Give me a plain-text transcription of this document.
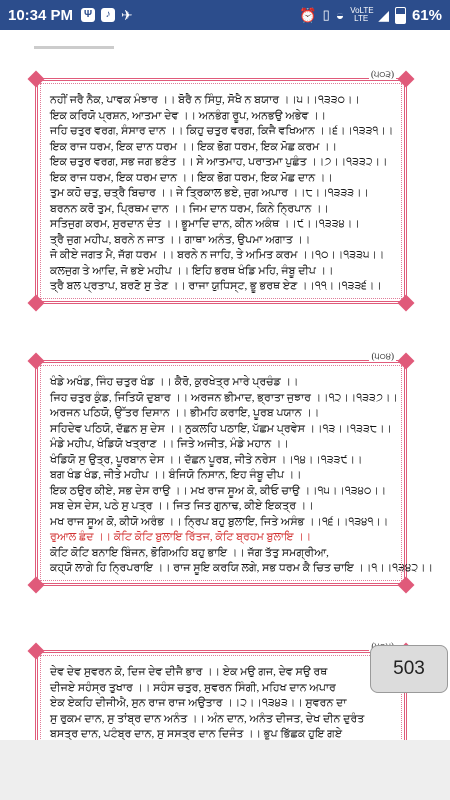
10:34 PM Ψ	♪ ✈	⏰ ▯ ◒ VoLTE LTE ◢ 61%
(੫੦੩)
ਨਹੀਂ ਜਰੈ ਨੈਕ, ਪਾਵਕ ਮੰਝਾਰ ।। ਬੋਰੈ ਨ ਸਿੰਧੁ, ਸੋਖੈ ਨ ਬਯਾਰ ।।੫।।੧੩੩੦।।
ਇਕ ਕਰਿਯੋ ਪ੍ਰਸ਼ਨ, ਆਤਮਾ ਦੇਵ ।। ਅਨਭੰਗ ਰੂਪ, ਅਨਭਉ ਅਭੇਵ ।।
ਜਹਿ ਚਤੁਰ ਵਰਗ, ਸੰਸਾਰ ਦਾਨ ।। ਕਿਹੁ ਚਤੁਰ ਵਰਗ, ਕਿਜੈ ਵਖਿਆਨ ।।੬।।੧੩੩੧।।
ਇਕ ਰਾਜ ਧਰਮ, ਇਕ ਦਾਨ ਧਰਮ ।। ਇਕ ਭੋਗ ਧਰਮ, ਇਕ ਮੋਛ ਕਰਮ ।।
ਇਕ ਚਤੁਰ ਵਰਗ, ਸਭ ਜਗ ਭਣੰਤ ।। ਸੇ ਆਤਮਾਹ, ਪਰਾਤਮਾ ਪੁਛੰਤ ।।੭।।੧੩੩੨।।
ਇਕ ਰਾਜ ਧਰਮ, ਇਕ ਧਰਮ ਦਾਨ ।। ਇਕ ਭੋਗ ਧਰਮ, ਇਕ ਮੋਛ ਦਾਨ ।।
ਤੁਮ ਕਹੋ ਚਤੁ, ਚਤ੍ਰੈ ਬਿਚਾਰ ।। ਜੇ ਤ੍ਰਿਕਾਲ ਭਏ, ਜੁਗ ਅਪਾਰ ।।੮।।੧੩੩੩।।
ਬਰਨਨ ਕਰੋ ਤੁਮ, ਪ੍ਰਿਥਮ ਦਾਨ ।। ਜਿਮ ਦਾਨ ਧਰਮ, ਕਿਨੇ ਨ੍ਰਿਪਾਨ ।।
ਸਤਿਜੁਗ ਕਰਮ, ਸੁਰਦਾਨ ਦੰਤ ।। ਭੂਮਾਦਿ ਦਾਨ, ਕੀਨ ਅਕੰਥ ।।੯।।੧੩੩੪।।
ਤ੍ਰੈ ਜੁਗ ਮਹੀਪ, ਬਰਨੇ ਨ ਜਾਤ ।। ਗਾਥਾ ਅਨੰਤ, ਉਪਮਾ ਅਗਾਤ ।।
ਜੋ ਕੀਏ ਜਗਤ ਮੈ, ਜੱਗ ਧਰਮ ।। ਬਰਨੇ ਨ ਜਾਹਿ, ਤੇ ਅਮਿਤ ਕਰਮ ।।੧੦।।੧੩੩੫।।
ਕਲਜੁਗ ਤੇ ਆਦਿ, ਜੋ ਭਏ ਮਹੀਪ ।। ਇਹਿ ਭਰਥ ਖੰਡਿ ਮਹਿ, ਜੰਬੂ ਦੀਪ ।।
ਤ੍ਰੈ ਬਲ ਪ੍ਰਤਾਪ, ਬਰਣੋ ਸੁ ਤੇਣ ।। ਰਾਜਾ ਯੁਧਿਸ੍ਟ, ਭੂ ਭਰਥ ਏਣ ।।੧੧।।੧੩੩੬।।
(੫੦੪)
ਖੰਡੇ ਅਖੰਡ, ਜਿੰਹ ਚਤੁਰ ਖੰਡ ।। ਕੈਰੋ, ਕੁਰਖੇਤ੍ਰ ਮਾਰੇ ਪ੍ਰਚੰਡ ।।
ਜਿਹ ਚਤੁਰ ਕੁੰਡ, ਜਿਤਿਯੋ ਦੁਬਾਰ ।। ਅਰਜਨ ਭੀਮਾਦ, ਭ੍ਰਾਤਾ ਜੁਝਾਰ ।।੧੨।।੧੩੩੭।।
ਅਰਜਨ ਪਠਿਯੋ, ਉੱਤਰ ਦਿਸਾਨ ।। ਭੀਮਹਿ ਕਰਾਇ, ਪੂਰਬ ਪਯਾਨ ।।
ਸਹਿਦੇਵ ਪਠਿਯੋ, ਦੱਛਨ ਸੁ ਦੇਸ ।। ਨੁਕਲਹਿ ਪਠਾਇ, ਪੱਛਮ ਪ੍ਰਵੇਸ ।।੧੩।।੧੩੩੮।।
ਮੰਡੇ ਮਹੀਪ, ਖੰਡਿਯੋ ਖਤ੍ਰਾਣ ।। ਜਿਤੇ ਅਜੀਤ, ਮੰਡੇ ਮਹਾਨ ।।
ਖੰਡਿਯੋ ਸੁ ਉਤ੍ਰ, ਪੂਰਬਾਨ ਦੇਸ ।। ਦੱਛਨ ਪੂਰਬ, ਜੀਤੇ ਨਰੇਸ ।।੧੪।।੧੩੩੯।।
ਬਗ ਖੰਡ ਖੰਡ, ਜੀਤੇ ਮਹੀਪ ।। ਬੰਜਿਯੋ ਨਿਸਾਨ, ਇਹ ਜੰਬੂ ਦੀਪ ।।
ਇਕ ਠਉਰ ਕੀਏ, ਸਭ ਦੇਸ ਰਾਉ ।। ਮਖ ਰਾਜ ਸੂਅ ਕੋ, ਕੀਓ ਚਾਉ ।।੧੫।।੧੩੪੦।।
ਸਬ ਦੇਸ ਦੇਸ, ਪਠੇ ਸੁ ਪਤ੍ਰ ।। ਜਿਤ ਜਿਤ ਗੁਨਾਢ, ਕੀਏ ਇਕਤ੍ਰ ।।
ਮਖ ਰਾਜ ਸੂਅ ਕੋ, ਕੀਯੋ ਅਰੰਭ ।। ਨ੍ਰਿਪ ਬਹੁ ਬੁਲਾਇ, ਜਿਤੇ ਅਸੰਭ ।।੧੬।।੧੩੪੧।।
ਰੁਆਲ ਛੰਦ ।। ਕੋਟਿ ਕੋਟਿ ਬੁਲਾਇ ਰਿੱਤਜ, ਕੋਟਿ ਬ੍ਰਹਮ ਬੁਲਾਇ ।।
ਕੋਟਿ ਕੋਟਿ ਬਨਾਇ ਬਿੰਜਨ, ਭੋਗਿਅਹਿ ਬਹੁ ਭਾਇ ।। ਜੱਗ ਤੱਤੁ ਸਮਗ੍ਰੀਆ,
ਕਹ੍ਯੋ ਲਾਗੇ ਹਿ ਨ੍ਰਿਪਰਾਇ ।। ਰਾਜ ਸੂਇ ਕਰਯਿ ਲਗੇ, ਸਭ ਧਰਮ ਕੈ ਚਿਤ ਚਾਇ ।।੧।।੧੩੪੨।।
ਦੇਵ ਦੇਵ ਸੁਵਰਨ ਕੋ, ਦਿਜ ਦੇਵ ਦੀਜੈ ਭਾਰ ।। ਏਕ ਮਉ ਗਜ, ਦੇਵ ਸਉ ਰਥ
ਦੀਜਏ ਸਹੰਸ੍ਰ ਤੁਖਾਰ ।। ਸਹੰਸ ਚਤੁਰ, ਸੁਵਰਨ ਸਿੰਗੀ, ਮਹਿਖ ਦਾਨ ਅਪਾਰ
ਏਕ ਏਕਹਿ ਦੀਜੀਐ, ਸੁਨ ਰਾਜ ਰਾਜ ਅਉਤਾਰ ।।੨।।੧੩੪੩।। ਸੁਵਰਨ ਦਾ
ਸੁ ਰੁਕਮ ਦਾਨ, ਸੁ ਤਾਂਬ੍ਰ ਦਾਨ ਅਨੰਤ ।। ਅੰਨ ਦਾਨ, ਅਨੰਤ ਦੀਜਤ, ਦੇਖ ਦੀਨ ਦੁਰੰਤ
ਬਸਤ੍ਰ ਦਾਨ, ਪਟੰਬ੍ਰ ਦਾਨ, ਸੁ ਸਸਤ੍ਰ ਦਾਨ ਦਿਜੰਤ ।। ਭੂਪ ਭਿੱਛਕ ਹੁਇ ਗਏ
503
